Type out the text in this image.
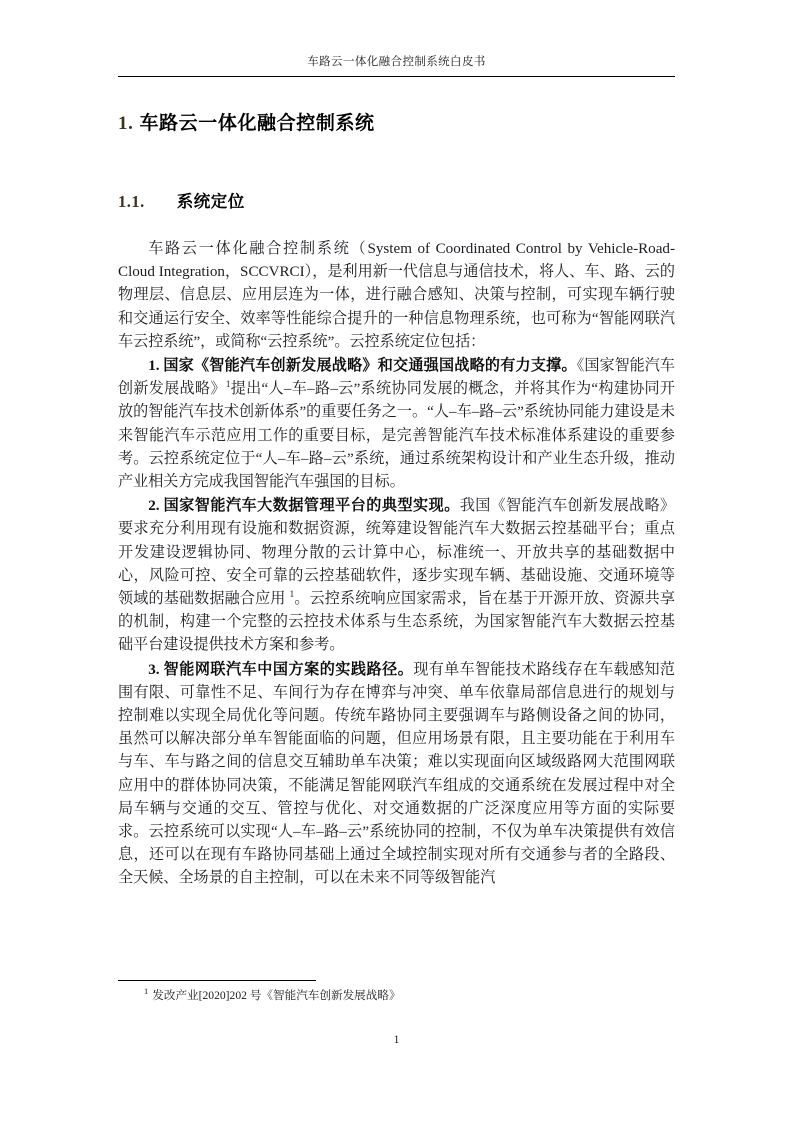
车路云一体化融合控制系统白皮书
1. 车路云一体化融合控制系统
1.1. 系统定位

车路云一体化融合控制系统（System of Coordinated Control by Vehicle-Road-Cloud Integration，SCCVRCI），是利用新一代信息与通信技术，将人、车、路、云的物理层、信息层、应用层连为一体，进行融合感知、决策与控制，可实现车辆行驶和交通运行安全、效率等性能综合提升的一种信息物理系统，也可称为“智能网联汽车云控系统”，或简称“云控系统”。云控系统定位包括：

1. 国家《智能汽车创新发展战略》和交通强国战略的有力支撑。《国家智能汽车创新发展战略》$^1$提出“人–车–路–云”系统协同发展的概念，并将其作为“构建协同开放的智能汽车技术创新体系”的重要任务之一。“人–车–路–云”系统协同能力建设是未来智能汽车示范应用工作的重要目标，是完善智能汽车技术标准体系建设的重要参考。云控系统定位于“人–车–路–云”系统，通过系统架构设计和产业生态升级，推动产业相关方完成我国智能汽车强国的目标。

2. 国家智能汽车大数据管理平台的典型实现。我国《智能汽车创新发展战略》要求充分利用现有设施和数据资源，统筹建设智能汽车大数据云控基础平台；重点开发建设逻辑协同、物理分散的云计算中心，标准统一、开放共享的基础数据中心，风险可控、安全可靠的云控基础软件，逐步实现车辆、基础设施、交通环境等领域的基础数据融合应用 $^1$。云控系统响应国家需求，旨在基于开源开放、资源共享的机制，构建一个完整的云控技术体系与生态系统，为国家智能汽车大数据云控基础平台建设提供技术方案和参考。

3. 智能网联汽车中国方案的实践路径。现有单车智能技术路线存在车载感知范围有限、可靠性不足、车间行为存在博弈与冲突、单车依靠局部信息进行的规划与控制难以实现全局优化等问题。传统车路协同主要强调车与路侧设备之间的协同，虽然可以解决部分单车智能面临的问题，但应用场景有限，且主要功能在于利用车与车、车与路之间的信息交互辅助单车决策；难以实现面向区域级路网大范围网联应用中的群体协同决策，不能满足智能网联汽车组成的交通系统在发展过程中对全局车辆与交通的交互、管控与优化、对交通数据的广泛深度应用等方面的实际要求。云控系统可以实现“人–车–路–云”系统协同的控制，不仅为单车决策提供有效信息，还可以在现有车路协同基础上通过全域控制实现对所有交通参与者的全路段、全天候、全场景的自主控制，可以在未来不同等级智能汽

$^1$ 发改产业[2020]202 号《智能汽车创新发展战略》
1
